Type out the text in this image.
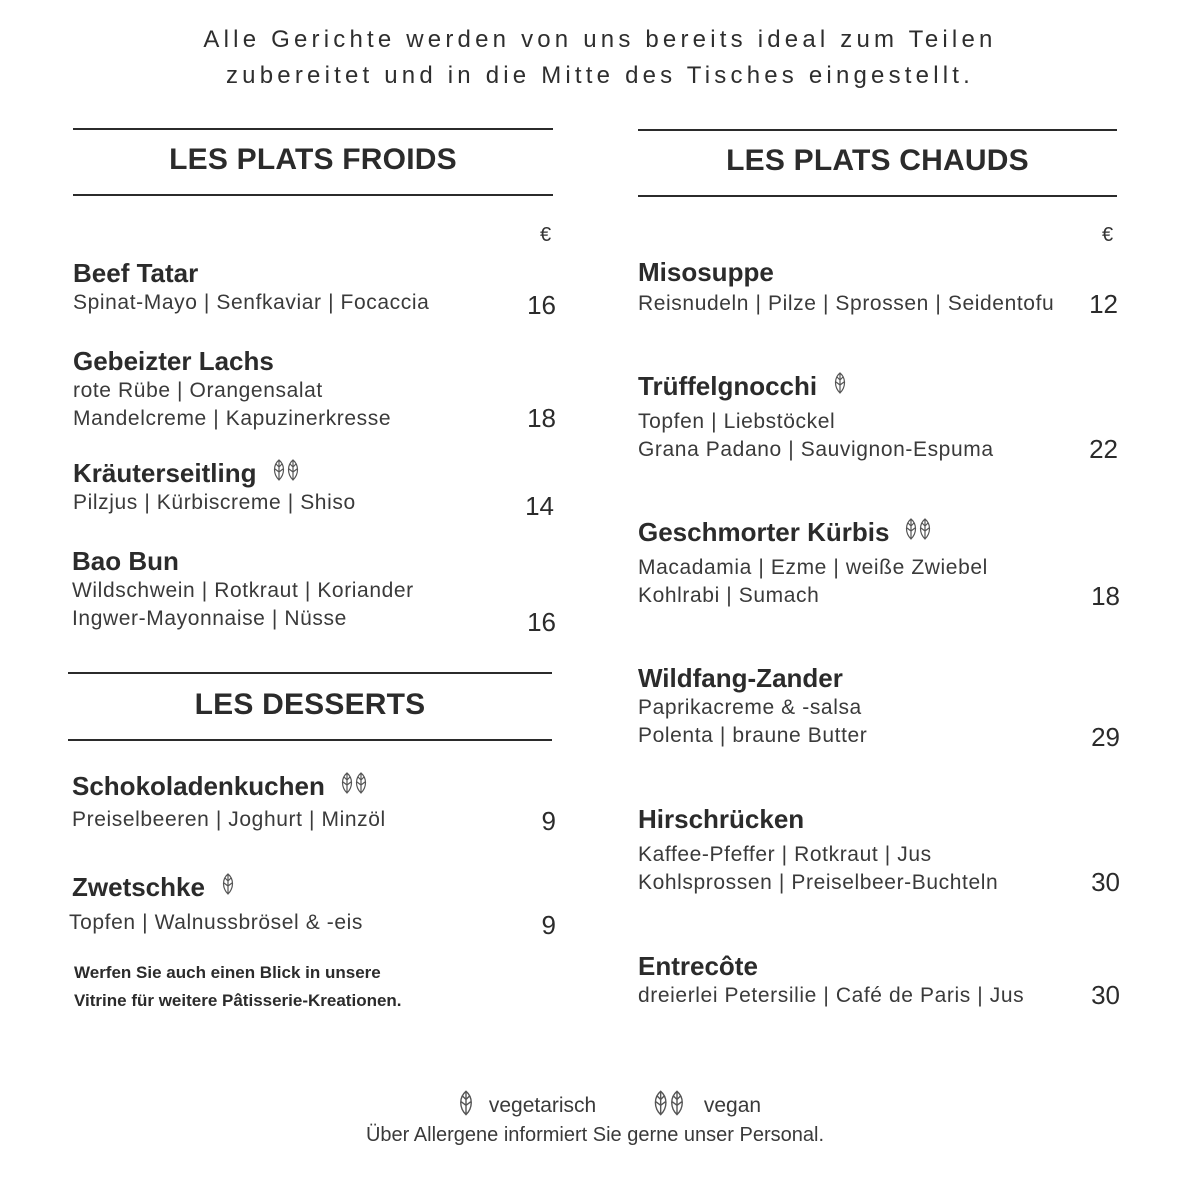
Alle Gerichte werden von uns bereits ideal zum Teilen
zubereitet und in die Mitte des Tisches eingestellt.
LES PLATS FROIDS
€
Beef Tatar
Spinat-Mayo | Senfkaviar | Focaccia	16
Gebeizter Lachs
rote Rübe | Orangensalat
Mandelcreme | Kapuzinerkresse	18
Kräuterseitling
Pilzjus | Kürbiscreme | Shiso	14
Bao Bun
Wildschwein | Rotkraut | Koriander
Ingwer-Mayonnaise | Nüsse	16
LES DESSERTS
Schokoladenkuchen
Preiselbeeren | Joghurt | Minzöl	9
Zwetschke
Topfen | Walnussbrösel & -eis	9
Werfen Sie auch einen Blick in unsere
Vitrine für weitere Pâtisserie-Kreationen.
LES PLATS CHAUDS
€
Misosuppe
Reisnudeln | Pilze | Sprossen | Seidentofu	12
Trüffelgnocchi
Topfen | Liebstöckel
Grana Padano | Sauvignon-Espuma	22
Geschmorter Kürbis
Macadamia | Ezme | weiße Zwiebel
Kohlrabi | Sumach	18
Wildfang-Zander
Paprikacreme & -salsa
Polenta | braune Butter	29
Hirschrücken
Kaffee-Pfeffer | Rotkraut | Jus
Kohlsprossen | Preiselbeer-Buchteln	30
Entrecôte
dreierlei Petersilie | Café de Paris | Jus	30
vegetarisch	vegan
Über Allergene informiert Sie gerne unser Personal.
